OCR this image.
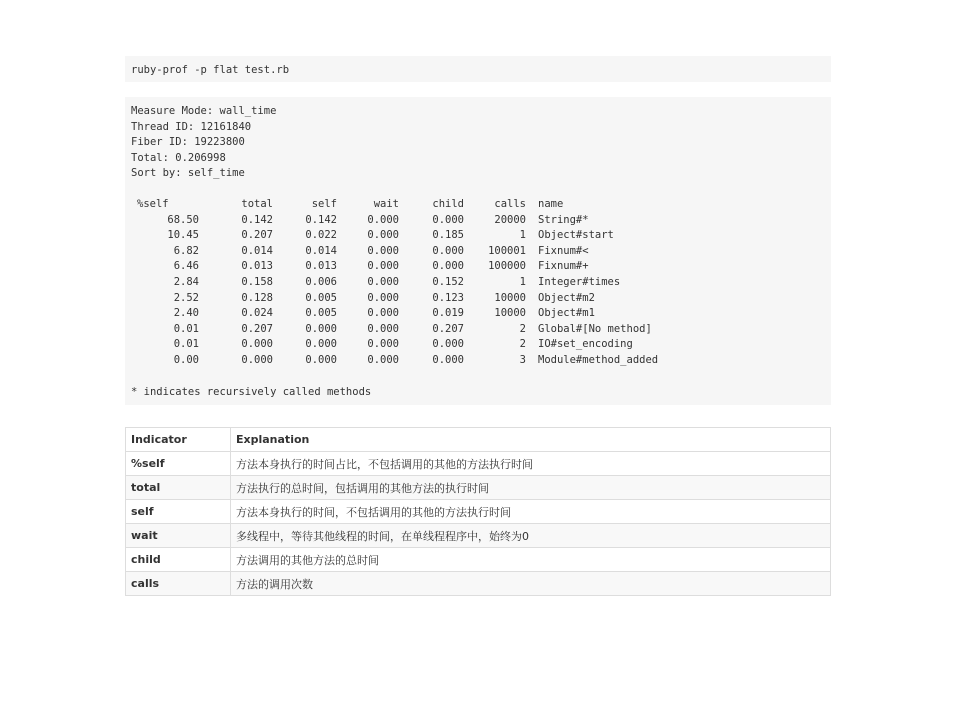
ruby-prof -p flat test.rb
Measure Mode: wall_time
Thread ID: 12161840
Fiber ID: 19223800
Total: 0.206998
Sort by: self_time
%self	total	self	wait	child	calls	name
68.50	0.142	0.142	0.000	0.000	20000	String#*
10.45	0.207	0.022	0.000	0.185	1	Object#start
6.82	0.014	0.014	0.000	0.000	100001	Fixnum#<
6.46	0.013	0.013	0.000	0.000	100000	Fixnum#+
2.84	0.158	0.006	0.000	0.152	1	Integer#times
2.52	0.128	0.005	0.000	0.123	10000	Object#m2
2.40	0.024	0.005	0.000	0.019	10000	Object#m1
0.01	0.207	0.000	0.000	0.207	2	Global#[No method]
0.01	0.000	0.000	0.000	0.000	2	IO#set_encoding
0.00	0.000	0.000	0.000	0.000	3	Module#method_added
* indicates recursively called methods
Indicator	Explanation
%self	方法本身执行的时间占比，不包括调用的其他的方法执行时间
total	方法执行的总时间，包括调用的其他方法的执行时间
self	方法本身执行的时间，不包括调用的其他的方法执行时间
wait	多线程中，等待其他线程的时间，在单线程程序中，始终为0
child	方法调用的其他方法的总时间
calls	方法的调用次数
